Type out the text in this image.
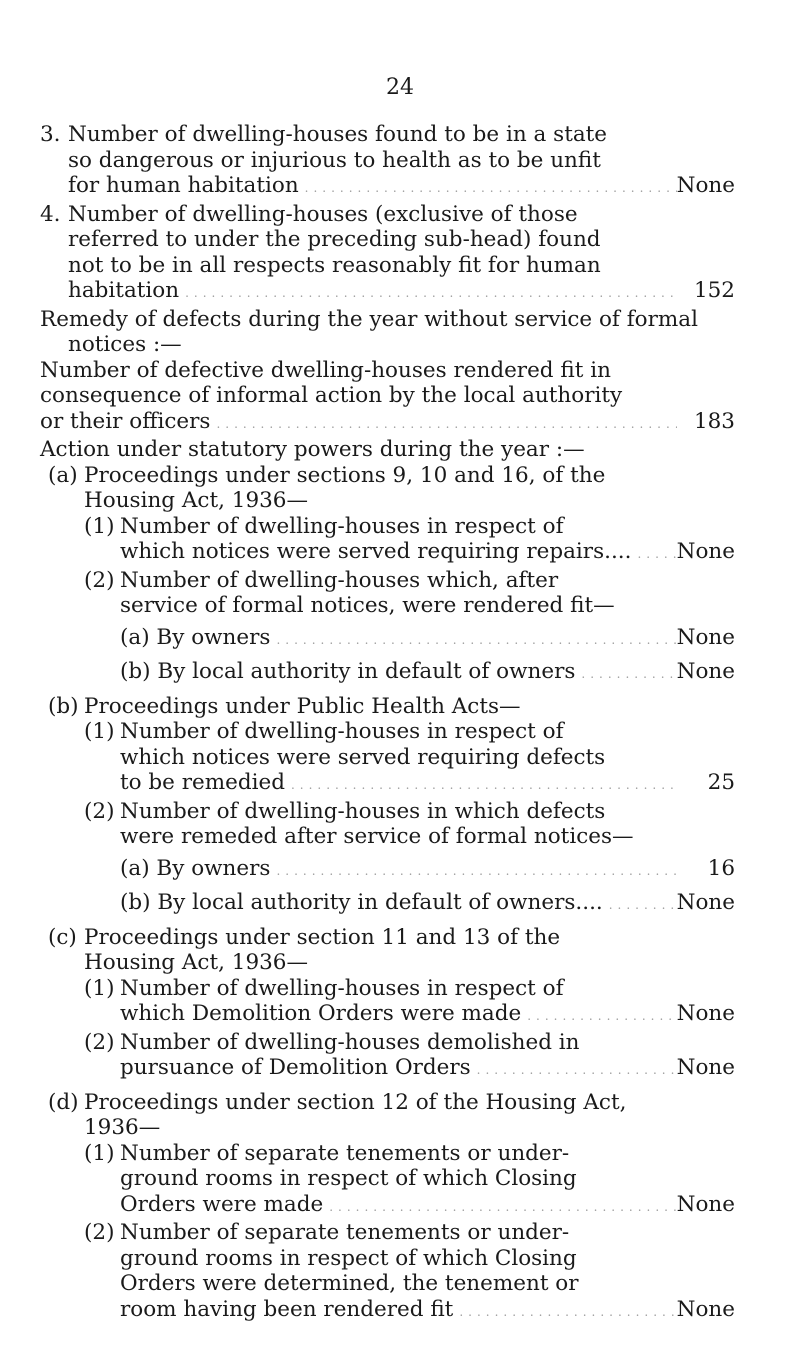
24
3. Number of dwelling-houses found to be in a state
so dangerous or injurious to health as to be unfit
for human habitation .....	None
4. Number of dwelling-houses (exclusive of those
referred to under the preceding sub-head) found
not to be in all respects reasonably fit for human
habitation .....	152
Remedy of defects during the year without service of formal
notices :—
Number of defective dwelling-houses rendered fit in
consequence of informal action by the local authority
or their officers .....	183
Action under statutory powers during the year :—
(a) Proceedings under sections 9, 10 and 16, of the
Housing Act, 1936—
(1) Number of dwelling-houses in respect of
which notices were served requiring repairs.... ..... None
(2) Number of dwelling-houses which, after
service of formal notices, were rendered fit—
(a) By owners .....	None
(b) By local authority in default of owners .....	None
(b) Proceedings under Public Health Acts—
(1) Number of dwelling-houses in respect of
which notices were served requiring defects
to be remedied .....	25
(2) Number of dwelling-houses in which defects
were remeded after service of formal notices—
(a) By owners .....	16
(b) By local authority in default of owners.... .....	None
(c) Proceedings under section 11 and 13 of the
Housing Act, 1936—
(1) Number of dwelling-houses in respect of
which Demolition Orders were made .....	None
(2) Number of dwelling-houses demolished in
pursuance of Demolition Orders .....	None
(d) Proceedings under section 12 of the Housing Act,
1936—
(1) Number of separate tenements or under-
ground rooms in respect of which Closing
Orders were made .....	None
(2) Number of separate tenements or under-
ground rooms in respect of which Closing
Orders were determined, the tenement or
room having been rendered fit .....	None
